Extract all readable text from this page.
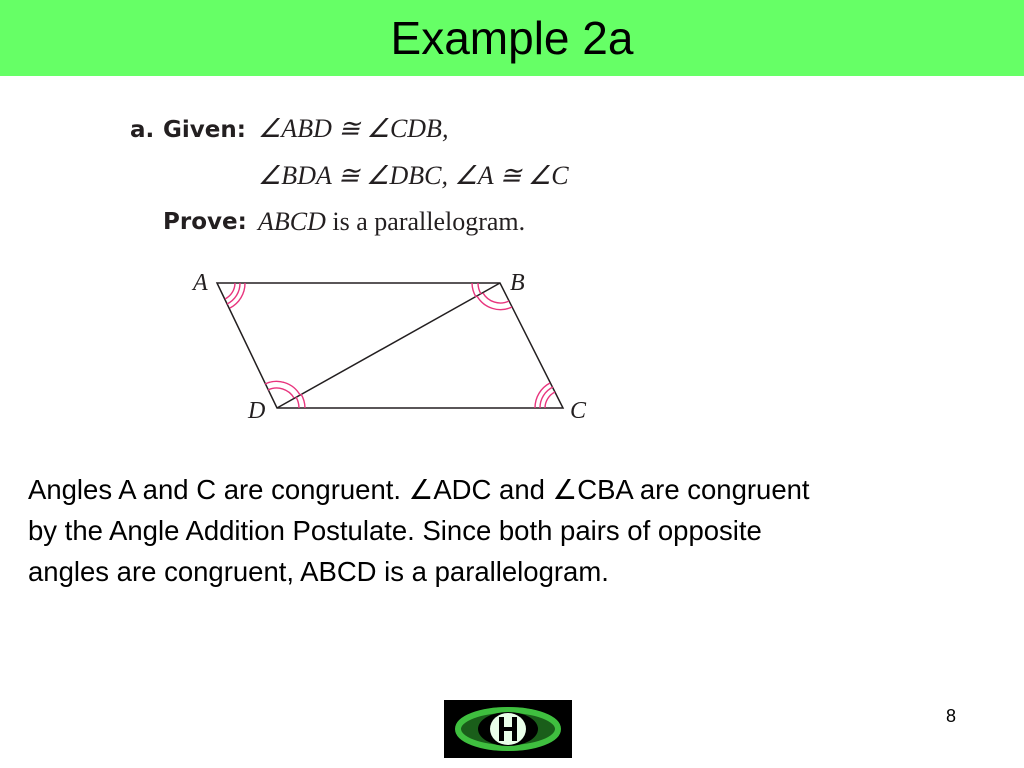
Example 2a
a. Given: ∠ABD ≅ ∠CDB,
∠BDA ≅ ∠DBC, ∠A ≅ ∠C
Prove: ABCD is a parallelogram.
A	B
C
D

Angles A and C are congruent. ∠ADC and ∠CBA are congruent

by the Angle Addition Postulate. Since both pairs of opposite

angles are congruent, ABCD is a parallelogram.

8
